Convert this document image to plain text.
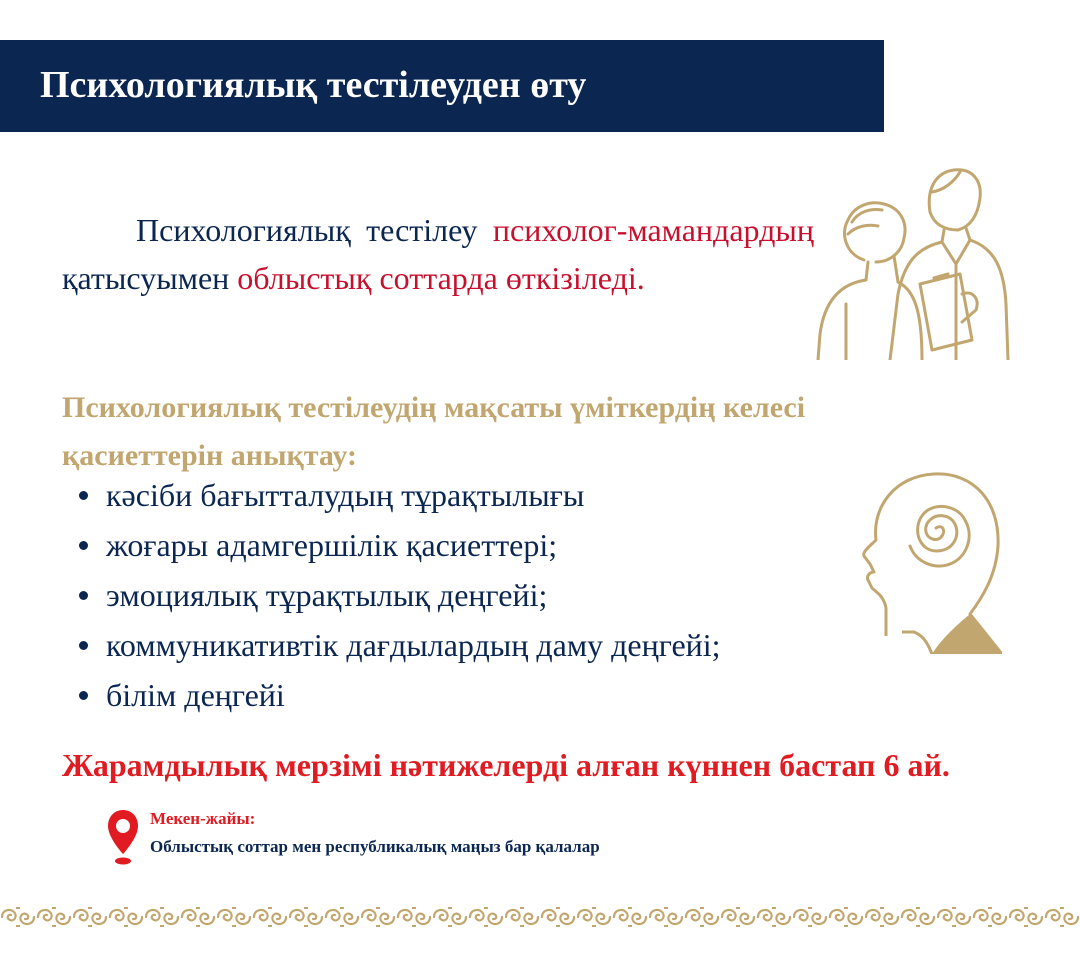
Психологиялық тестілеуден өту

Психологиялық тестілеу психолог-мамандардың қатысуымен облыстық соттарда өткізіледі.

Психологиялық тестілеудің мақсаты үміткердің келесі қасиеттерін анықтау:

кәсіби бағытталудың тұрақтылығы
жоғары адамгершілік қасиеттері;
эмоциялық тұрақтылық деңгейі;
коммуникативтік дағдылардың даму деңгейі;
білім деңгейі

Жарамдылық мерзімі нәтижелерді алған күннен бастап 6 ай.

Мекен-жайы:

Облыстық соттар мен республикалық маңыз бар қалалар
